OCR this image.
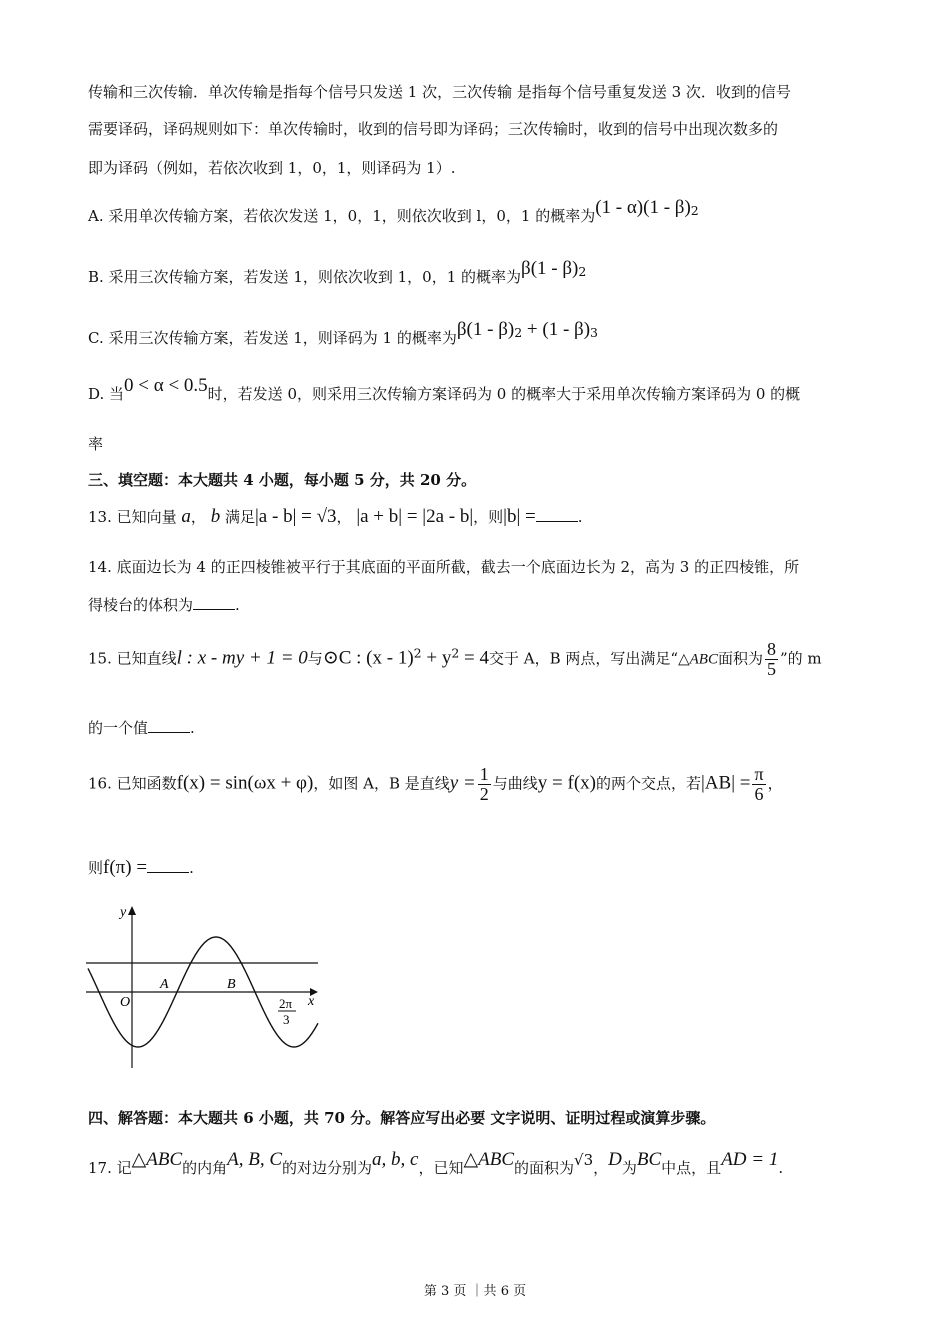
传输和三次传输．单次传输是指每个信号只发送 1 次，三次传输 是指每个信号重复发送 3 次．收到的信号
需要译码，译码规则如下：单次传输时，收到的信号即为译码；三次传输时，收到的信号中出现次数多的
即为译码（例如，若依次收到 1，0，1，则译码为 1）.
A. 采用单次传输方案，若依次发送 1，0，1，则依次收到 l，0，1 的概率为(1 - α)(1 - β)$^2$
B. 采用三次传输方案，若发送 1，则依次收到 1，0，1 的概率为β(1 - β)$^2$
C. 采用三次传输方案，若发送 1，则译码为 1 的概率为β(1 - β)$^2$ + (1 - β)$^3$
D. 当0 < α < 0.5时，若发送 0，则采用三次传输方案译码为 0 的概率大于采用单次传输方案译码为 0 的概
率
三、填空题：本大题共 4 小题，每小题 5 分，共 20 分。
13. 已知向量 a， b 满足|a - b| = √3， |a + b| = |2a - b|，则|b| =	.
14. 底面边长为 4 的正四棱锥被平行于其底面的平面所截，截去一个底面边长为 2，高为 3 的正四棱锥，所
得棱台的体积为	.
15. 已知直线l : x - my + 1 = 0与⊙C : $(x - 1)^2 + y^2 = 4$交于 A，B 两点，写出满足“△ABC面积为 $\frac{8}{5}$ ”的 m
的一个值	.
16. 已知函数f(x) = sin(ωx + φ)，如图 A，B 是直线$y = \frac{1}{2}$ 与曲线y = f(x)的两个交点，若$|AB| = \frac{\pi}{6}$ ，
则f(π) =	.
y
x
O
A	B
2π
3
四、解答题：本大题共 6 小题，共 70 分。解答应写出必要 文字说明、证明过程或演算步骤。
17. 记△ABC的内角A, B, C的对边分别为a, b, c，已知△ABC的面积为√3，D为BC中点，且AD = 1.
第 3 页 ｜共 6 页
